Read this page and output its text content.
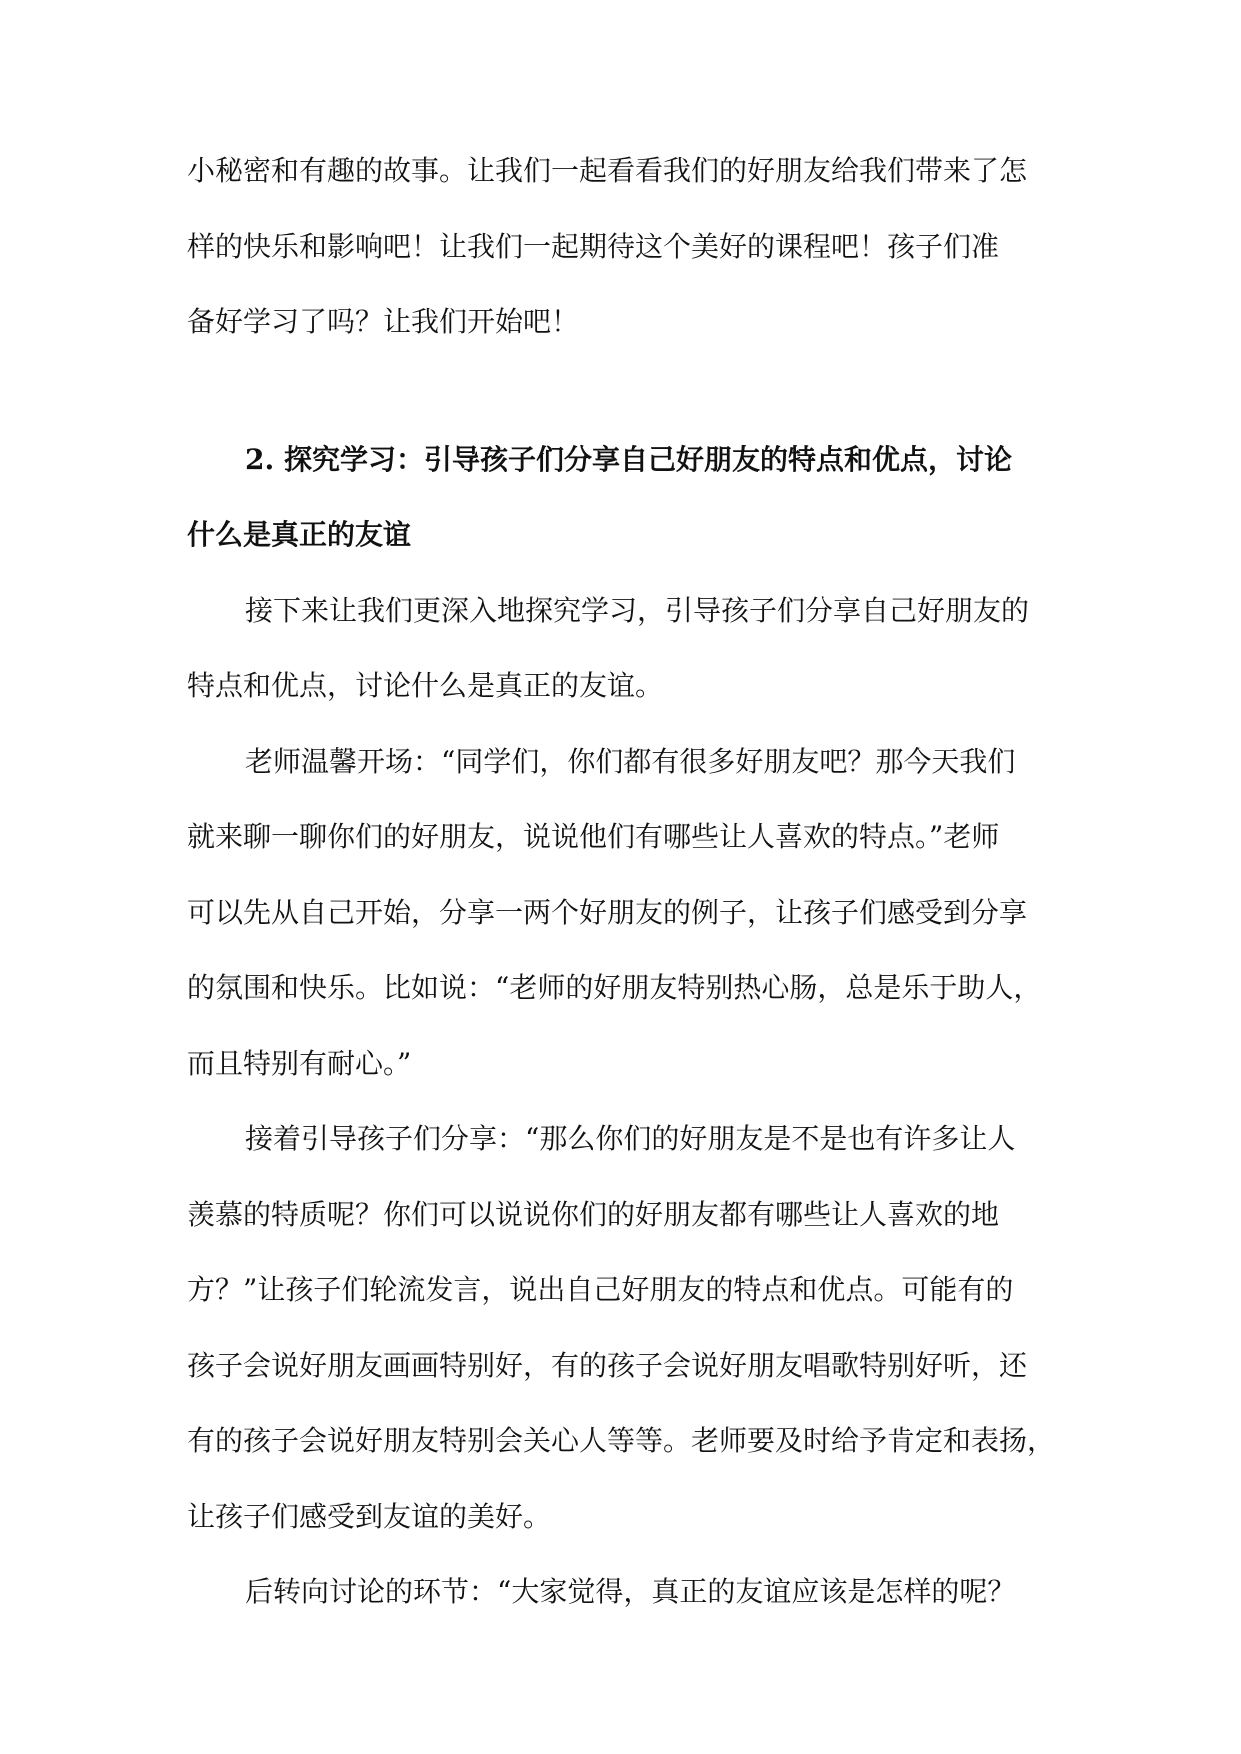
小秘密和有趣的故事。让我们一起看看我们的好朋友给我们带来了怎
样的快乐和影响吧！让我们一起期待这个美好的课程吧！孩子们准
备好学习了吗？让我们开始吧！
2. 探究学习：引导孩子们分享自己好朋友的特点和优点，讨论
什么是真正的友谊
接下来让我们更深入地探究学习，引导孩子们分享自己好朋友的
特点和优点，讨论什么是真正的友谊。
老师温馨开场：“同学们，你们都有很多好朋友吧？那今天我们
就来聊一聊你们的好朋友，说说他们有哪些让人喜欢的特点。”老师
可以先从自己开始，分享一两个好朋友的例子，让孩子们感受到分享
的氛围和快乐。比如说：“老师的好朋友特别热心肠，总是乐于助人，
而且特别有耐心。”
接着引导孩子们分享：“那么你们的好朋友是不是也有许多让人
羡慕的特质呢？你们可以说说你们的好朋友都有哪些让人喜欢的地
方？”让孩子们轮流发言，说出自己好朋友的特点和优点。可能有的
孩子会说好朋友画画特别好，有的孩子会说好朋友唱歌特别好听，还
有的孩子会说好朋友特别会关心人等等。老师要及时给予肯定和表扬，
让孩子们感受到友谊的美好。
后转向讨论的环节：“大家觉得，真正的友谊应该是怎样的呢？
